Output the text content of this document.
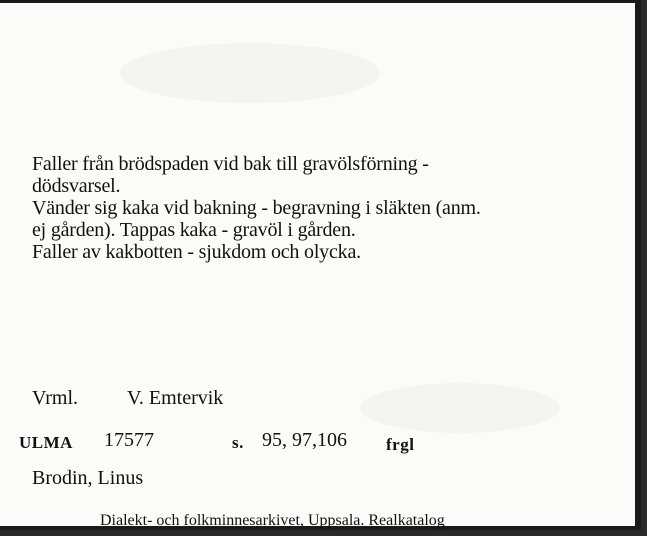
Faller från brödspaden vid bak till gravölsförning -
dödsvarsel.
Vänder sig kaka vid bakning - begravning i släkten (anm.
ej gården). Tappas kaka - gravöl i gården.
Faller av kakbotten - sjukdom och olycka.
Vrml. V. Emtervik
ULMA 17577	s. 95, 97,106 frgl
Brodin, Linus
Dialekt- och folkminnesarkivet, Uppsala. Realkatalog
